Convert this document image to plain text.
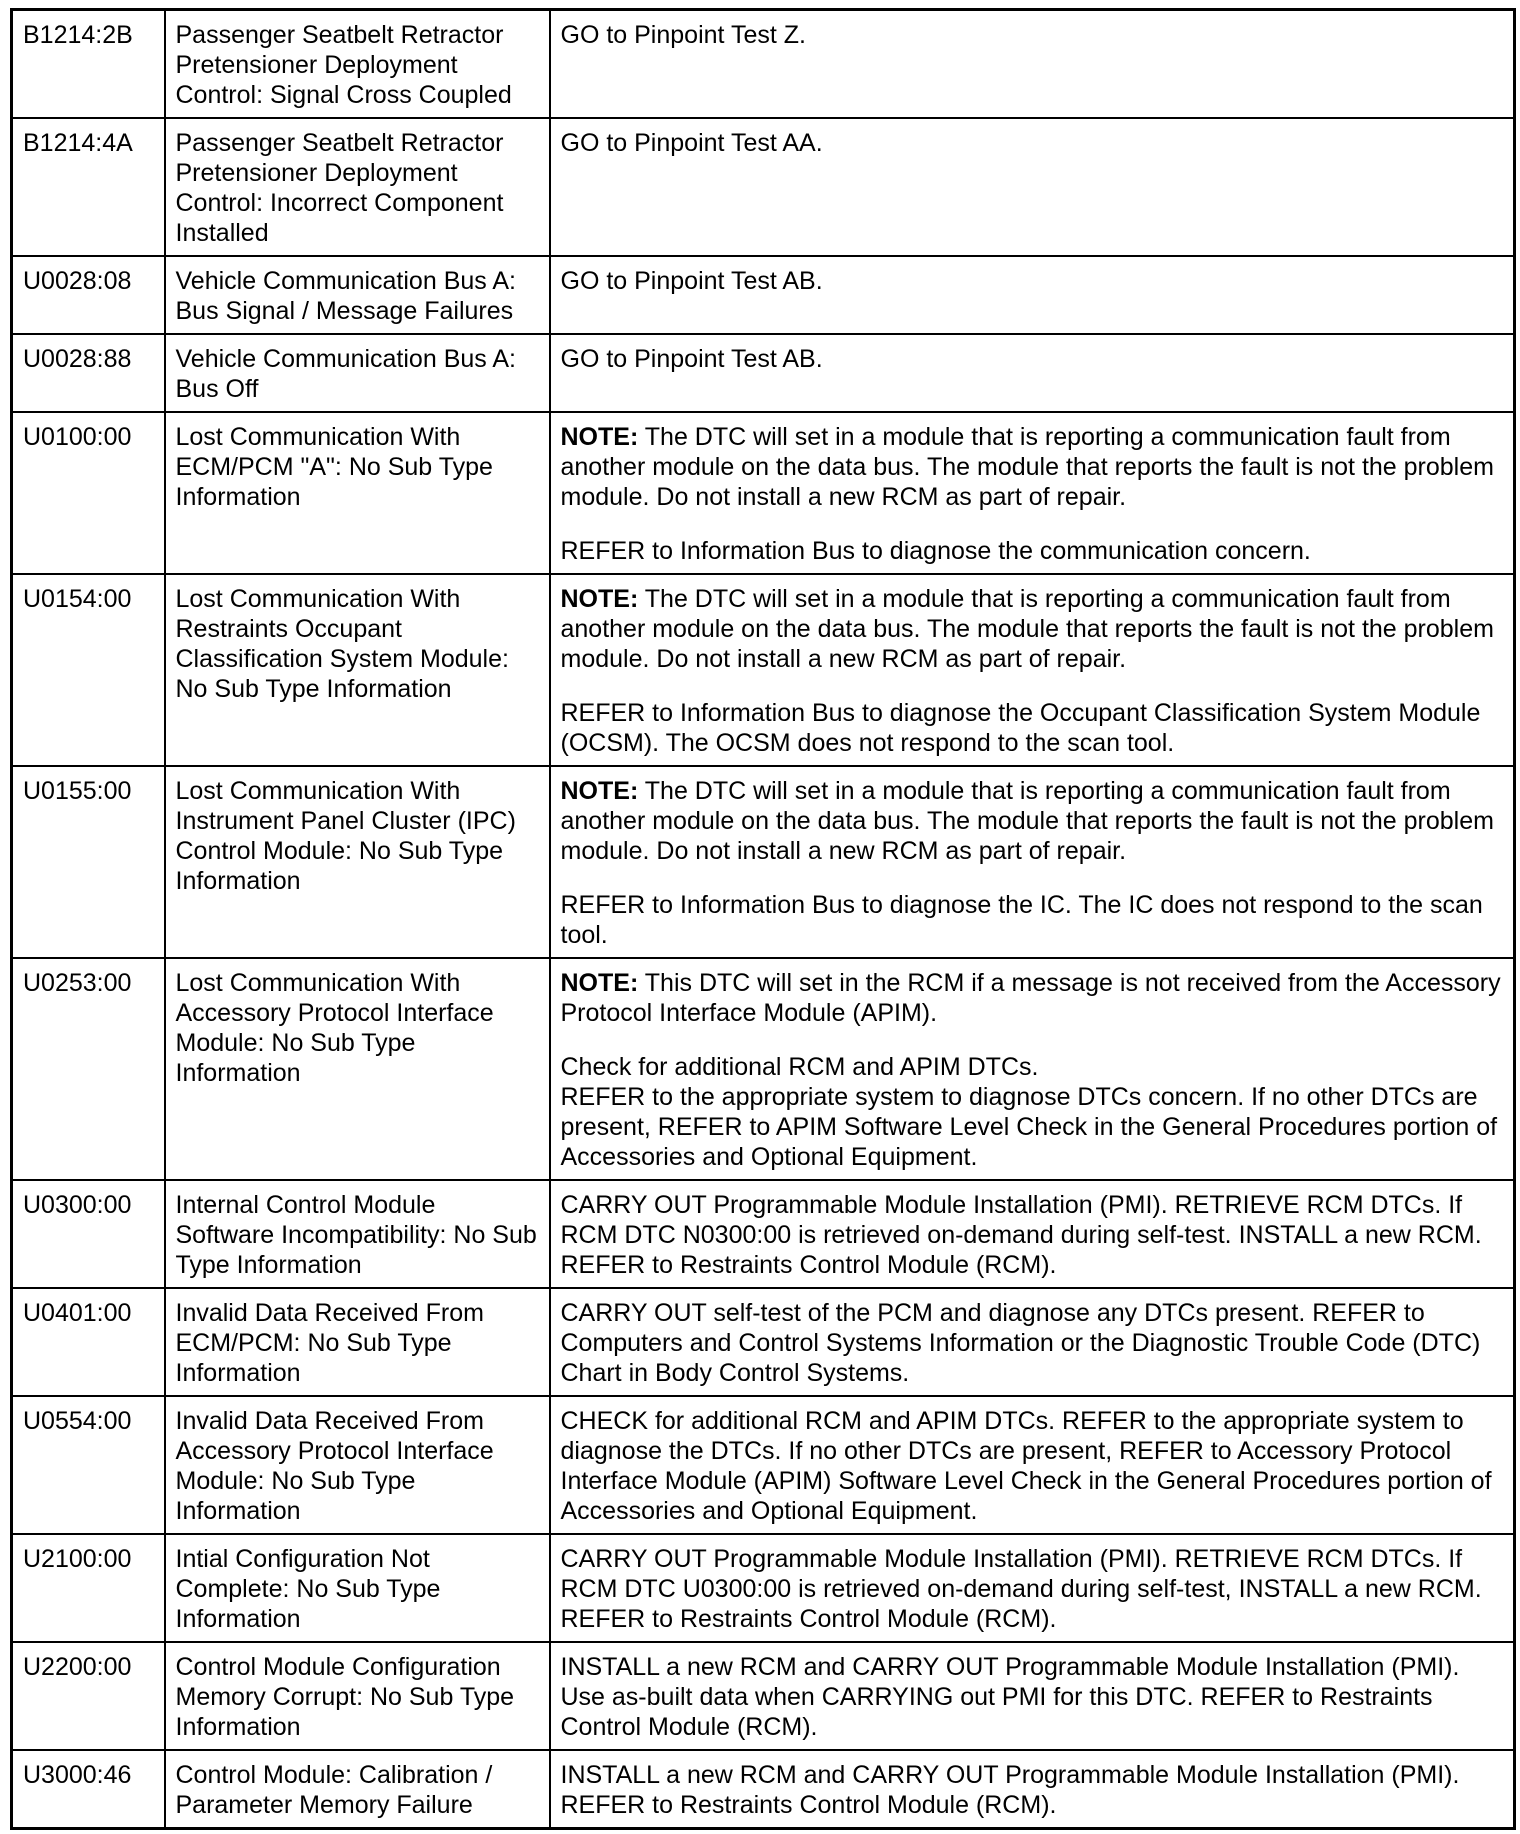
B1214:2B	Passenger Seatbelt Retractor Pretensioner Deployment Control: Signal Cross Coupled	GO to Pinpoint Test Z.

B1214:4A	Passenger Seatbelt Retractor Pretensioner Deployment Control: Incorrect Component Installed	GO to Pinpoint Test AA.

U0028:08	Vehicle Communication Bus A: Bus Signal / Message Failures	GO to Pinpoint Test AB.

U0028:88	Vehicle Communication Bus A: Bus Off	GO to Pinpoint Test AB.

U0100:00	Lost Communication With ECM/PCM "A": No Sub Type Information	NOTE: The DTC will set in a module that is reporting a communication fault from another module on the data bus. The module that reports the fault is not the problem module. Do not install a new RCM as part of repair.
REFER to Information Bus to diagnose the communication concern.

U0154:00	Lost Communication With Restraints Occupant Classification System Module: No Sub Type Information	NOTE: The DTC will set in a module that is reporting a communication fault from another module on the data bus. The module that reports the fault is not the problem module. Do not install a new RCM as part of repair.
REFER to Information Bus to diagnose the Occupant Classification System Module (OCSM). The OCSM does not respond to the scan tool.

U0155:00	Lost Communication With Instrument Panel Cluster (IPC) Control Module: No Sub Type Information	NOTE: The DTC will set in a module that is reporting a communication fault from another module on the data bus. The module that reports the fault is not the problem module. Do not install a new RCM as part of repair.
REFER to Information Bus to diagnose the IC. The IC does not respond to the scan tool.

U0253:00	Lost Communication With Accessory Protocol Interface Module: No Sub Type Information	NOTE: This DTC will set in the RCM if a message is not received from the Accessory Protocol Interface Module (APIM).
Check for additional RCM and APIM DTCs.
REFER to the appropriate system to diagnose DTCs concern. If no other DTCs are present, REFER to APIM Software Level Check in the General Procedures portion of Accessories and Optional Equipment.

U0300:00	Internal Control Module Software Incompatibility: No Sub Type Information	CARRY OUT Programmable Module Installation (PMI). RETRIEVE RCM DTCs. If RCM DTC N0300:00 is retrieved on-demand during self-test. INSTALL a new RCM. REFER to Restraints Control Module (RCM).

U0401:00	Invalid Data Received From ECM/PCM: No Sub Type Information	CARRY OUT self-test of the PCM and diagnose any DTCs present. REFER to Computers and Control Systems Information or the Diagnostic Trouble Code (DTC) Chart in Body Control Systems.

U0554:00	Invalid Data Received From Accessory Protocol Interface Module: No Sub Type Information	CHECK for additional RCM and APIM DTCs. REFER to the appropriate system to diagnose the DTCs. If no other DTCs are present, REFER to Accessory Protocol Interface Module (APIM) Software Level Check in the General Procedures portion of Accessories and Optional Equipment.

U2100:00	Intial Configuration Not Complete: No Sub Type Information	CARRY OUT Programmable Module Installation (PMI). RETRIEVE RCM DTCs. If RCM DTC U0300:00 is retrieved on-demand during self-test, INSTALL a new RCM. REFER to Restraints Control Module (RCM).

U2200:00	Control Module Configuration Memory Corrupt: No Sub Type Information	INSTALL a new RCM and CARRY OUT Programmable Module Installation (PMI). Use as-built data when CARRYING out PMI for this DTC. REFER to Restraints Control Module (RCM).

U3000:46	Control Module: Calibration / Parameter Memory Failure	INSTALL a new RCM and CARRY OUT Programmable Module Installation (PMI). REFER to Restraints Control Module (RCM).
